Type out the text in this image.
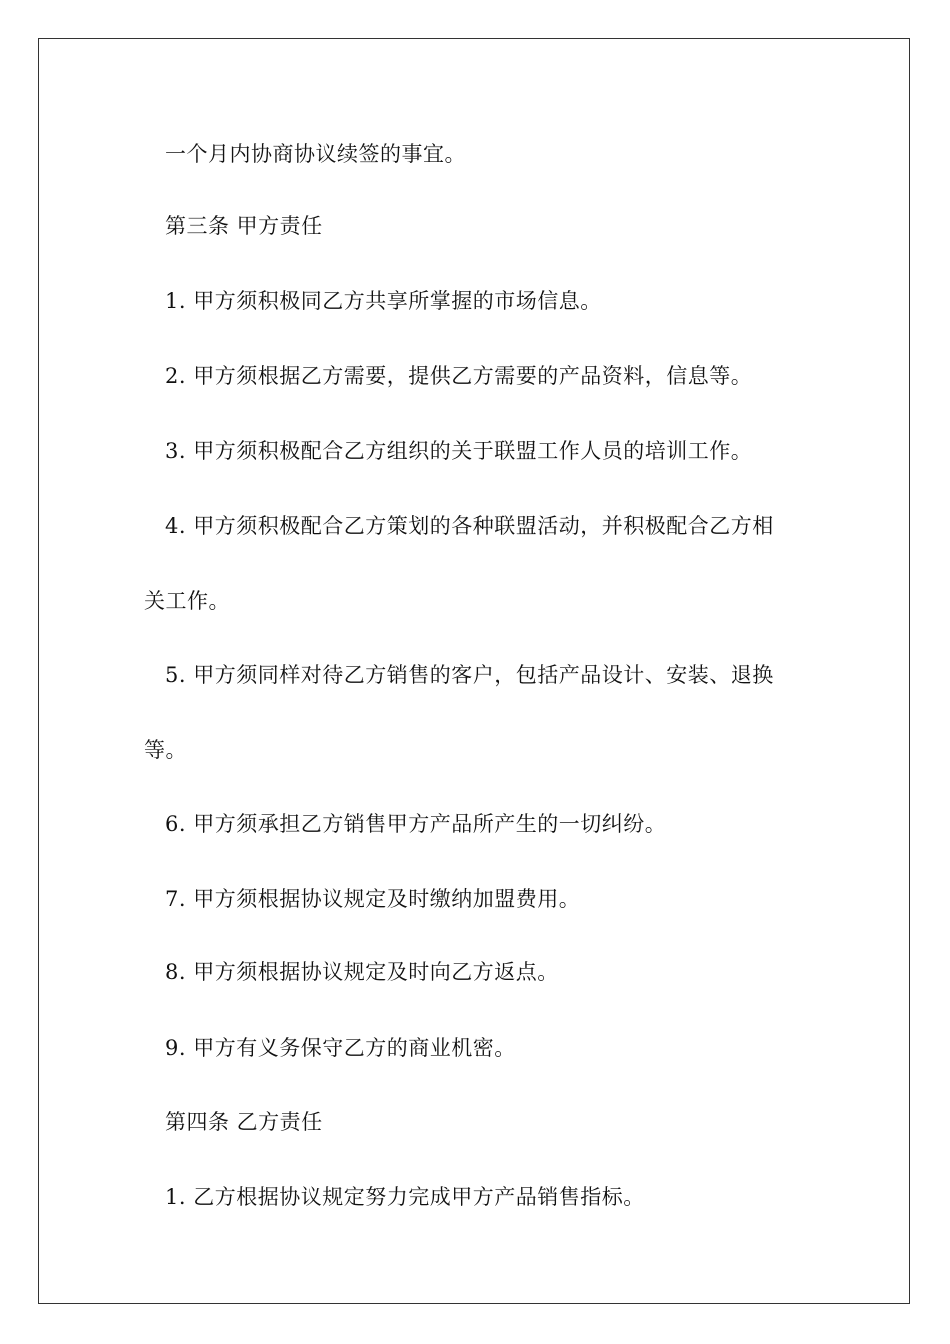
一个月内协商协议续签的事宜。
第三条 甲方责任
1. 甲方须积极同乙方共享所掌握的市场信息。
2. 甲方须根据乙方需要，提供乙方需要的产品资料，信息等。
3. 甲方须积极配合乙方组织的关于联盟工作人员的培训工作。
4. 甲方须积极配合乙方策划的各种联盟活动，并积极配合乙方相
关工作。
5. 甲方须同样对待乙方销售的客户，包括产品设计、安装、退换
等。
6. 甲方须承担乙方销售甲方产品所产生的一切纠纷。
7. 甲方须根据协议规定及时缴纳加盟费用。
8. 甲方须根据协议规定及时向乙方返点。
9. 甲方有义务保守乙方的商业机密。
第四条 乙方责任
1. 乙方根据协议规定努力完成甲方产品销售指标。
